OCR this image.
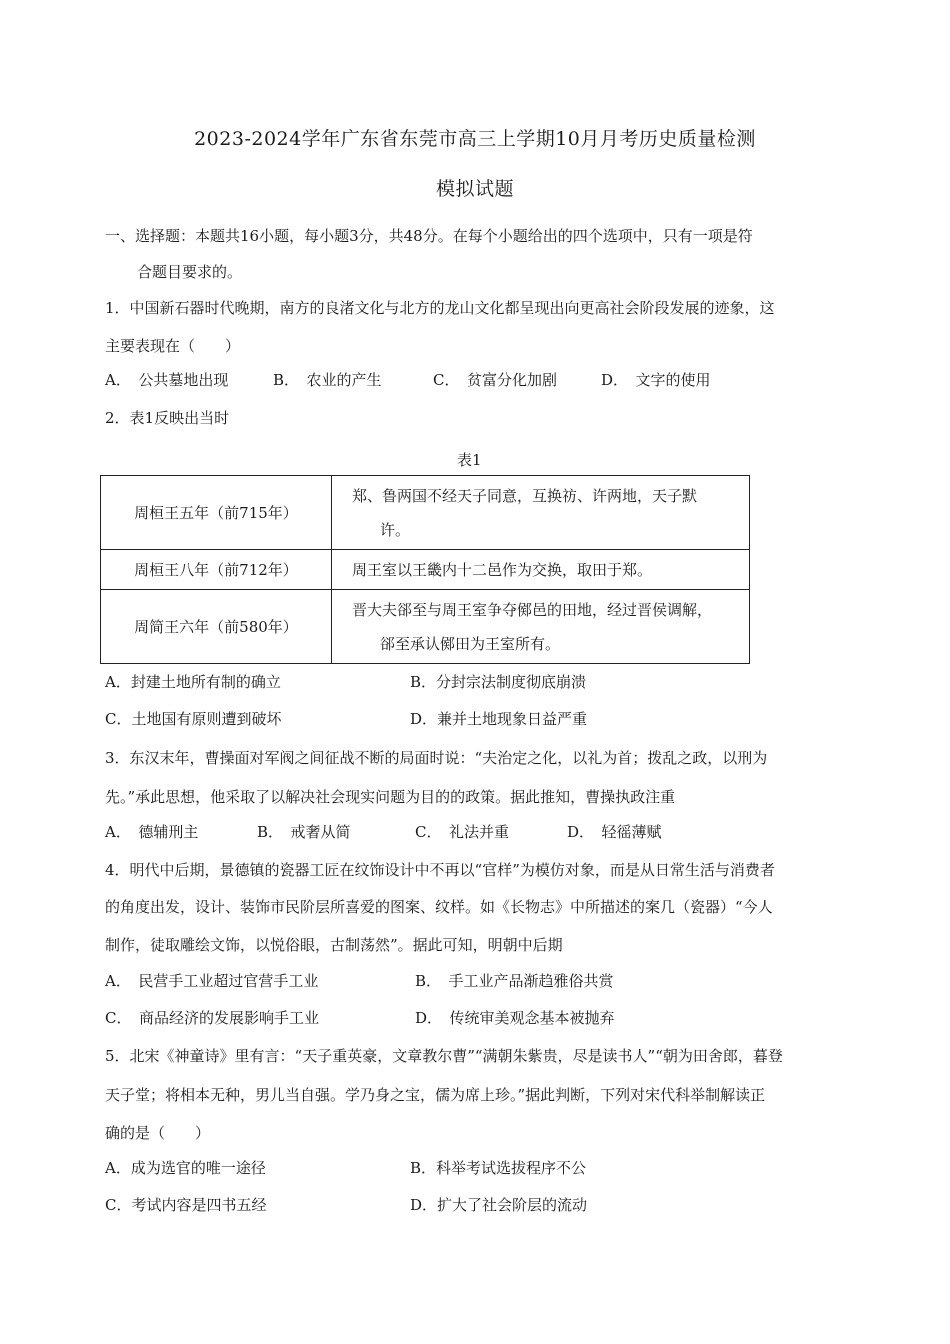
2023-2024学年广东省东莞市高三上学期10月月考历史质量检测
模拟试题
一、选择题：本题共16小题，每小题3分，共48分。在每个小题给出的四个选项中，只有一项是符
合题目要求的。
1．中国新石器时代晚期，南方的良渚文化与北方的龙山文化都呈现出向更高社会阶段发展的迹象，这
主要表现在（　　）
A．　公共墓地出现	B．　农业的产生	C．　贫富分化加剧	D．　文字的使用
2．表1反映出当时
表1
周桓王五年（前715年）	郑、鲁两国不经天子同意，互换祊、许两地，天子默
许。

周桓王八年（前712年）	周王室以王畿内十二邑作为交换，取田于郑。

周简王六年（前580年）	晋大夫郤至与周王室争夺鄇邑的田地，经过晋侯调解，
郤至承认鄇田为王室所有。
A．封建土地所有制的确立	B．分封宗法制度彻底崩溃
C．土地国有原则遭到破坏	D．兼并土地现象日益严重
3．东汉末年，曹操面对军阀之间征战不断的局面时说：“夫治定之化，以礼为首；拨乱之政，以刑为
先。”承此思想，他采取了以解决社会现实问题为目的的政策。据此推知，曹操执政注重
A．　德辅刑主	B．　戒奢从简	C．　礼法并重	D．　轻徭薄赋
4．明代中后期，景德镇的瓷器工匠在纹饰设计中不再以“官样”为模仿对象，而是从日常生活与消费者
的角度出发，设计、装饰市民阶层所喜爱的图案、纹样。如《长物志》中所描述的案几（瓷器）“今人
制作，徒取雕绘文饰，以悦俗眼，古制荡然”。据此可知，明朝中后期
A．　民营手工业超过官营手工业	B．　手工业产品渐趋雅俗共赏
C．　商品经济的发展影响手工业	D．　传统审美观念基本被抛弃
5．北宋《神童诗》里有言：“天子重英豪，文章教尔曹”“满朝朱紫贵，尽是读书人”“朝为田舍郎，暮登
天子堂；将相本无种，男儿当自强。学乃身之宝，儒为席上珍。”据此判断，下列对宋代科举制解读正
确的是（　　）
A．成为选官的唯一途径	B．科举考试选拔程序不公
C．考试内容是四书五经	D．扩大了社会阶层的流动
